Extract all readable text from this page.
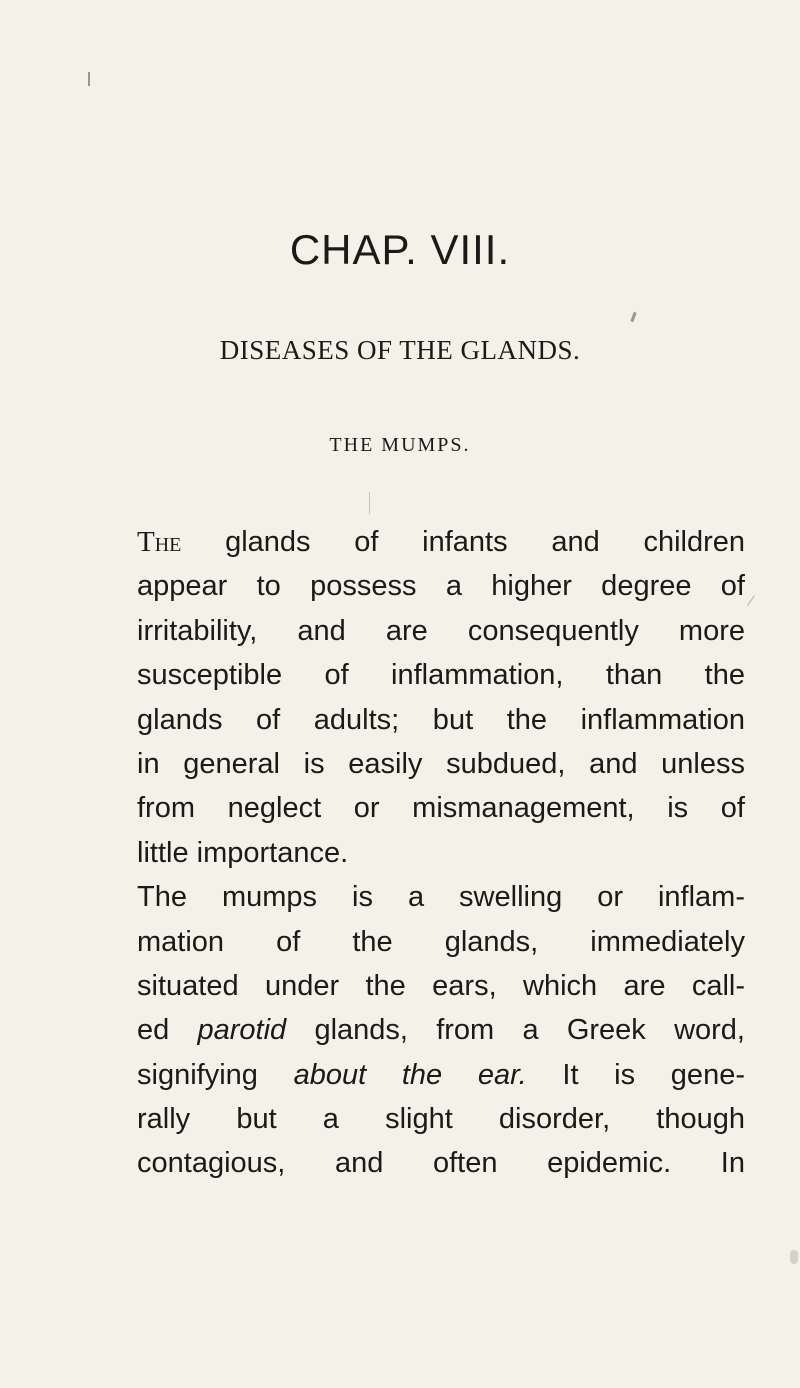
CHAP. VIII.
DISEASES OF THE GLANDS.
THE MUMPS.
The glands of infants and children
appear to possess a higher degree of
irritability, and are consequently more
susceptible of inflammation, than the
glands of adults; but the inflammation
in general is easily subdued, and unless
from neglect or mismanagement, is of
little importance.
The mumps is a swelling or inflam-
mation of the glands, immediately
situated under the ears, which are call-
ed parotid glands, from a Greek word,
signifying about the ear. It is gene-
rally but a slight disorder, though
contagious, and often epidemic. In
